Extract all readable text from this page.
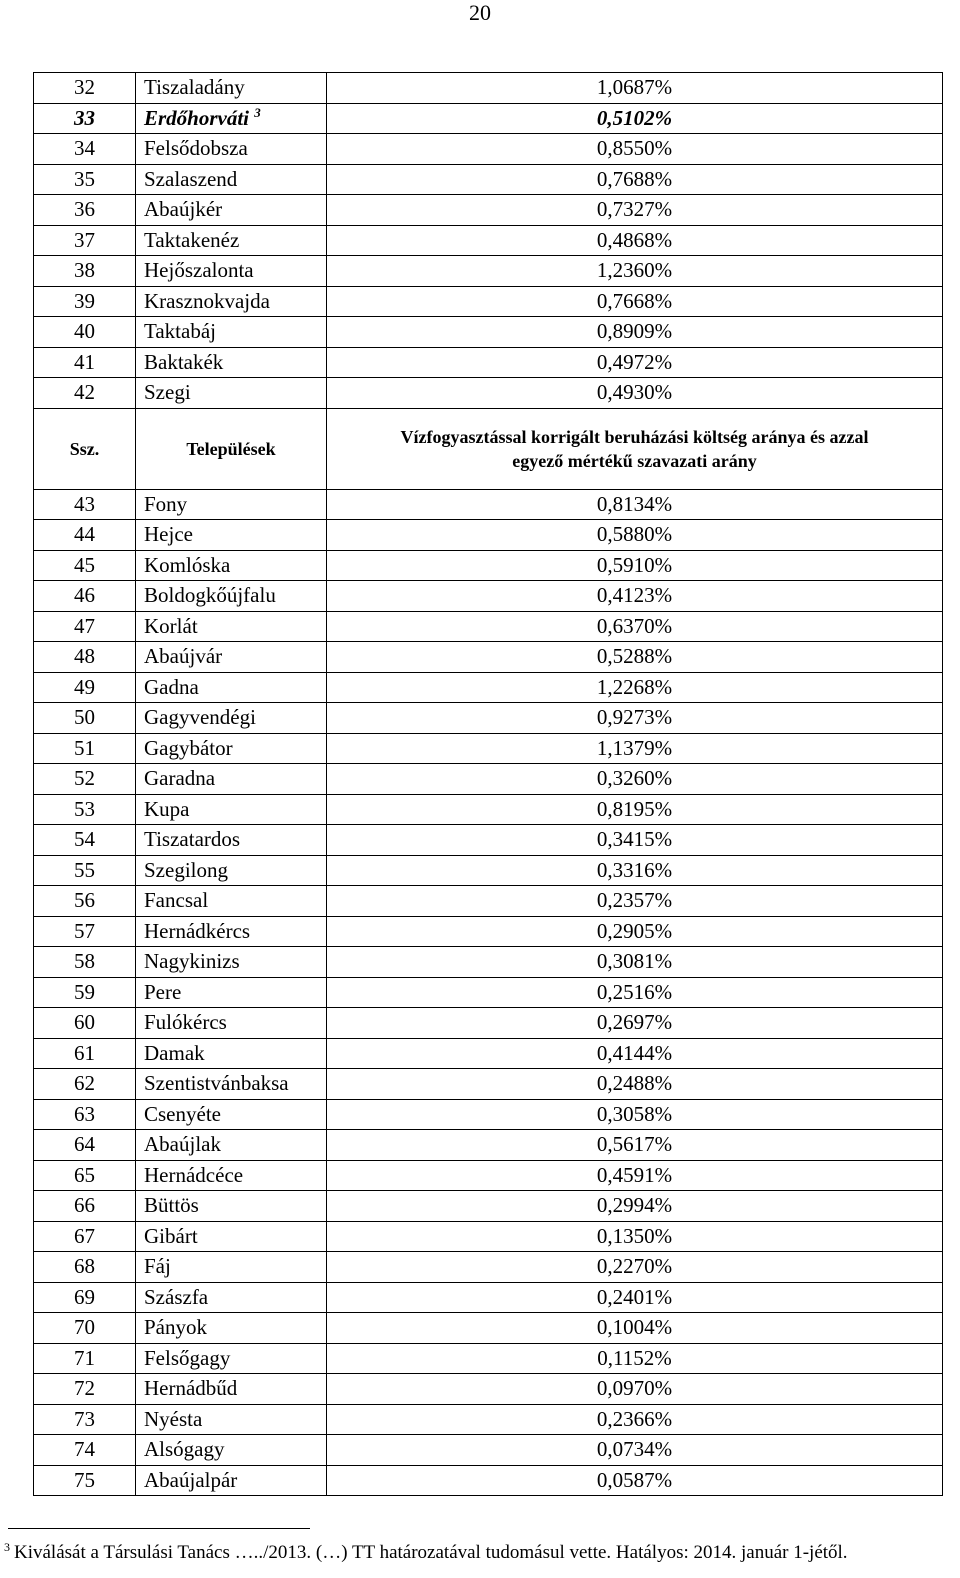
20
32	Tiszaladány	1,0687%
33	Erdőhorváti $^3$	0,5102%
34	Felsődobsza	0,8550%
35	Szalaszend	0,7688%
36	Abaújkér	0,7327%
37	Taktakenéz	0,4868%
38	Hejőszalonta	1,2360%
39	Krasznokvajda	0,7668%
40	Taktabáj	0,8909%
41	Baktakék	0,4972%
42	Szegi	0,4930%
Ssz.	Települések	Vízfogyasztással korrigált beruházási költség aránya és azzal
egyező mértékű szavazati arány

43	Fony	0,8134%
44	Hejce	0,5880%
45	Komlóska	0,5910%
46	Boldogkőújfalu	0,4123%
47	Korlát	0,6370%
48	Abaújvár	0,5288%
49	Gadna	1,2268%
50	Gagyvendégi	0,9273%
51	Gagybátor	1,1379%
52	Garadna	0,3260%
53	Kupa	0,8195%
54	Tiszatardos	0,3415%
55	Szegilong	0,3316%
56	Fancsal	0,2357%
57	Hernádkércs	0,2905%
58	Nagykinizs	0,3081%
59	Pere	0,2516%
60	Fulókércs	0,2697%
61	Damak	0,4144%
62	Szentistvánbaksa	0,2488%
63	Csenyéte	0,3058%
64	Abaújlak	0,5617%
65	Hernádcéce	0,4591%
66	Büttös	0,2994%
67	Gibárt	0,1350%
68	Fáj	0,2270%
69	Szászfa	0,2401%
70	Pányok	0,1004%
71	Felsőgagy	0,1152%
72	Hernádbűd	0,0970%
73	Nyésta	0,2366%
74	Alsógagy	0,0734%
75	Abaújalpár	0,0587%
$^3$ Kiválását a Társulási Tanács …../2013. (…) TT határozatával tudomásul vette. Hatályos: 2014. január 1-jétől.
